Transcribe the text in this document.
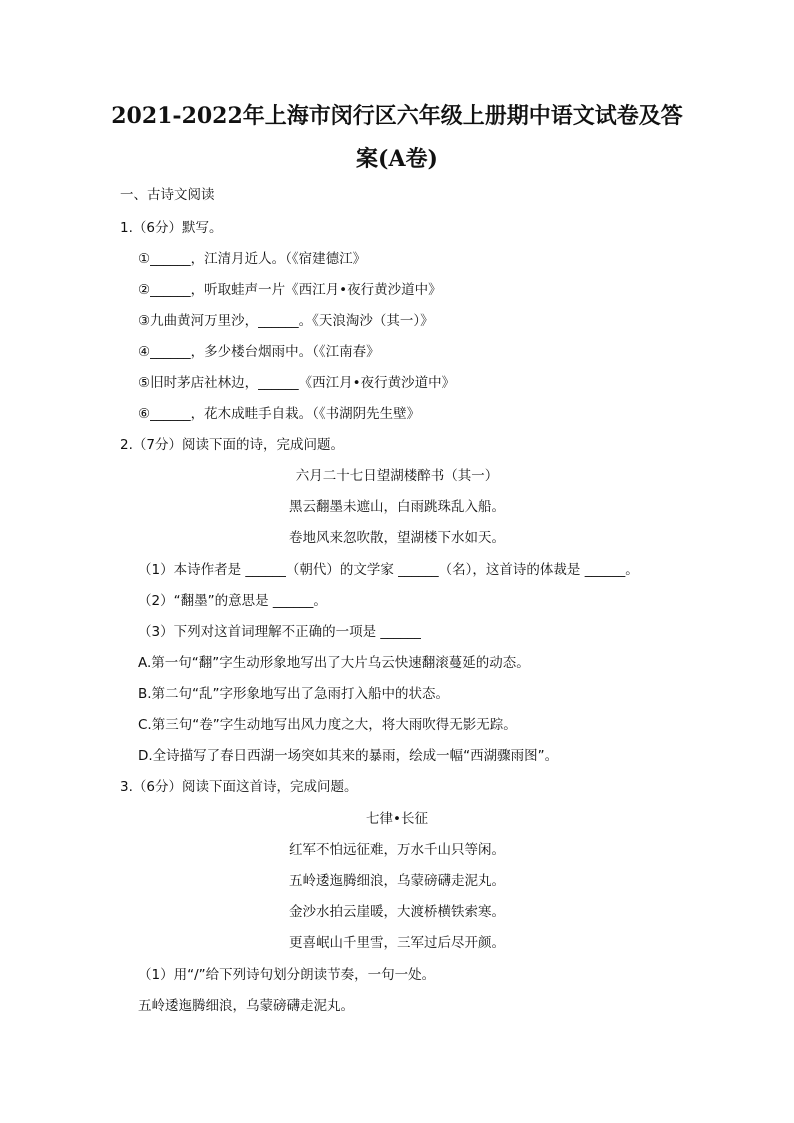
2021-2022年上海市闵行区六年级上册期中语文试卷及答
案(A卷)
一、古诗文阅读
1.（6分）默写。
①______，江清月近人。（《宿建德江》
②______，听取蛙声一片《西江月•夜行黄沙道中》
③九曲黄河万里沙，______。《天浪淘沙（其一）》
④______，多少楼台烟雨中。（《江南春》
⑤旧时茅店社林边，______《西江月•夜行黄沙道中》
⑥______，花木成畦手自栽。（《书湖阴先生壁》
2.（7分）阅读下面的诗，完成问题。
六月二十七日望湖楼醉书（其一）
黑云翻墨未遮山，白雨跳珠乱入船。
卷地风来忽吹散，望湖楼下水如天。
（1）本诗作者是 ______（朝代）的文学家 ______（名），这首诗的体裁是 ______。
（2）“翻墨”的意思是 ______。
（3）下列对这首词理解不正确的一项是 ______
A.第一句“翻”字生动形象地写出了大片乌云快速翻滚蔓延的动态。
B.第二句“乱”字形象地写出了急雨打入船中的状态。
C.第三句“卷”字生动地写出风力度之大，将大雨吹得无影无踪。
D.全诗描写了春日西湖一场突如其来的暴雨，绘成一幅“西湖骤雨图”。
3.（6分）阅读下面这首诗，完成问题。
七律•长征
红军不怕远征难，万水千山只等闲。
五岭逶迤腾细浪，乌蒙磅礴走泥丸。
金沙水拍云崖暖，大渡桥横铁索寒。
更喜岷山千里雪，三军过后尽开颜。
（1）用“/”给下列诗句划分朗读节奏，一句一处。
五岭逶迤腾细浪，乌蒙磅礴走泥丸。
